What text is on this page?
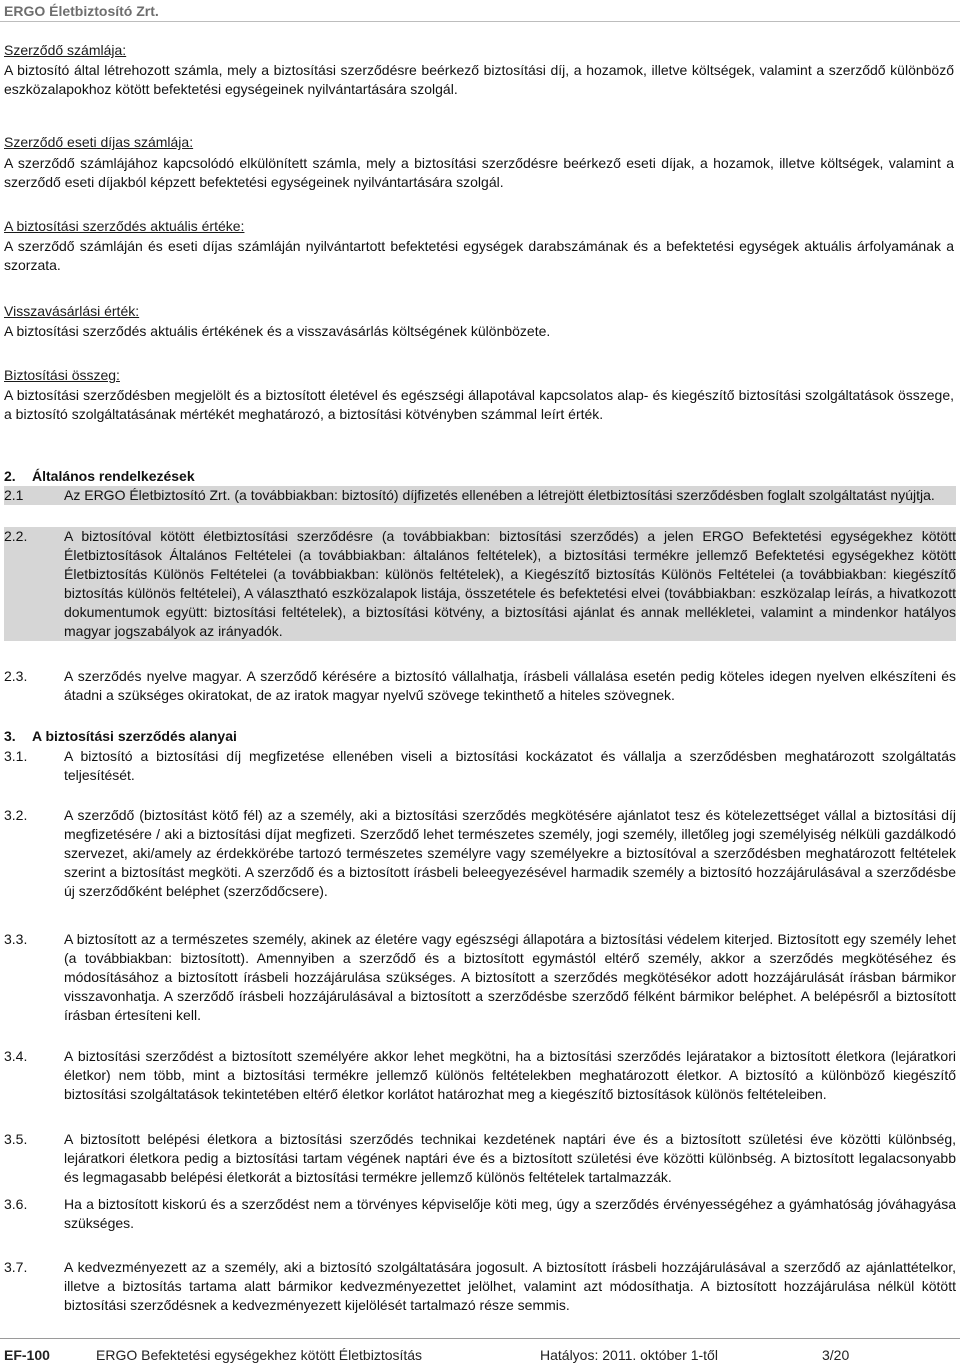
ERGO Életbiztosító Zrt.
Szerződő számlája:
A biztosító által létrehozott számla, mely a biztosítási szerződésre beérkező biztosítási díj, a hozamok, illetve költségek, valamint a szerződő különböző eszközalapokhoz kötött befektetési egységeinek nyilvántartására szolgál.
Szerződő eseti díjas számlája:
A szerződő számlájához kapcsolódó elkülönített számla, mely a biztosítási szerződésre beérkező eseti díjak, a hozamok, illetve költségek, valamint a szerződő eseti díjakból képzett befektetési egységeinek nyilvántartására szolgál.
A biztosítási szerződés aktuális értéke:
A szerződő számláján és eseti díjas számláján nyilvántartott befektetési egységek darabszámának és a befektetési egységek aktuális árfolyamának a szorzata.
Visszavásárlási érték:
A biztosítási szerződés aktuális értékének és a visszavásárlás költségének különbözete.
Biztosítási összeg:
A biztosítási szerződésben megjelölt és a biztosított életével és egészségi állapotával kapcsolatos alap- és kiegészítő biztosítási szolgáltatások összege, a biztosító szolgáltatásának mértékét meghatározó, a biztosítási kötvényben számmal leírt érték.
2. Általános rendelkezések
2.1	Az ERGO Életbiztosító Zrt. (a továbbiakban: biztosító) díjfizetés ellenében a létrejött életbiztosítási szerződésben foglalt szolgáltatást nyújtja.
2.2.	A biztosítóval kötött életbiztosítási szerződésre (a továbbiakban: biztosítási szerződés) a jelen ERGO Befektetési egységekhez kötött Életbiztosítások Általános Feltételei (a továbbiakban: általános feltételek), a biztosítási termékre jellemző Befektetési egységekhez kötött Életbiztosítás Különös Feltételei (a továbbiakban: különös feltételek), a Kiegészítő biztosítás Különös Feltételei (a továbbiakban: kiegészítő biztosítás különös feltételei), A választható eszközalapok listája, összetétele és befektetési elvei (továbbiakban: eszközalap leírás, a hivatkozott dokumentumok együtt: biztosítási feltételek), a biztosítási kötvény, a biztosítási ajánlat és annak mellékletei, valamint a mindenkor hatályos magyar jogszabályok az irányadók.
2.3.	A szerződés nyelve magyar. A szerződő kérésére a biztosító vállalhatja, írásbeli vállalása esetén pedig köteles idegen nyelven elkészíteni és átadni a szükséges okiratokat, de az iratok magyar nyelvű szövege tekinthető a hiteles szövegnek.
3. A biztosítási szerződés alanyai
3.1.	A biztosító a biztosítási díj megfizetése ellenében viseli a biztosítási kockázatot és vállalja a szerződésben meghatározott szolgáltatás teljesítését.
3.2.	A szerződő (biztosítást kötő fél) az a személy, aki a biztosítási szerződés megkötésére ajánlatot tesz és kötelezettséget vállal a biztosítási díj megfizetésére / aki a biztosítási díjat megfizeti. Szerződő lehet természetes személy, jogi személy, illetőleg jogi személyiség nélküli gazdálkodó szervezet, aki/amely az érdekkörébe tartozó természetes személyre vagy személyekre a biztosítóval a szerződésben meghatározott feltételek szerint a biztosítást megköti. A szerződő és a biztosított írásbeli beleegyezésével harmadik személy a biztosító hozzájárulásával a szerződésbe új szerződőként beléphet (szerződőcsere).
3.3.	A biztosított az a természetes személy, akinek az életére vagy egészségi állapotára a biztosítási védelem kiterjed. Biztosított egy személy lehet (a továbbiakban: biztosított). Amennyiben a szerződő és a biztosított egymástól eltérő személy, akkor a szerződés megkötéséhez és módosításához a biztosított írásbeli hozzájárulása szükséges. A biztosított a szerződés megkötésékor adott hozzájárulását írásban bármikor visszavonhatja. A szerződő írásbeli hozzájárulásával a biztosított a szerződésbe szerződő félként bármikor beléphet. A belépésről a biztosított írásban értesíteni kell.
3.4.	A biztosítási szerződést a biztosított személyére akkor lehet megkötni, ha a biztosítási szerződés lejáratakor a biztosított életkora (lejáratkori életkor) nem több, mint a biztosítási termékre jellemző különös feltételekben meghatározott életkor. A biztosító a különböző kiegészítő biztosítási szolgáltatások tekintetében eltérő életkor korlátot határozhat meg a kiegészítő biztosítások különös feltételeiben.
3.5.	A biztosított belépési életkora a biztosítási szerződés technikai kezdetének naptári éve és a biztosított születési éve közötti különbség, lejáratkori életkora pedig a biztosítási tartam végének naptári éve és a biztosított születési éve közötti különbség. A biztosított legalacsonyabb és legmagasabb belépési életkorát a biztosítási termékre jellemző különös feltételek tartalmazzák.
3.6.	Ha a biztosított kiskorú és a szerződést nem a törvényes képviselője köti meg, úgy a szerződés érvényességéhez a gyámhatóság jóváhagyása szükséges.
3.7.	A kedvezményezett az a személy, aki a biztosító szolgáltatására jogosult. A biztosított írásbeli hozzájárulásával a szerződő az ajánlattételkor, illetve a biztosítás tartama alatt bármikor kedvezményezettet jelölhet, valamint azt módosíthatja. A biztosított hozzájárulása nélkül kötött biztosítási szerződésnek a kedvezményezett kijelölését tartalmazó része semmis.
EF-100	ERGO Befektetési egységekhez kötött Életbiztosítás	Hatályos: 2011. október 1-től	3/20
